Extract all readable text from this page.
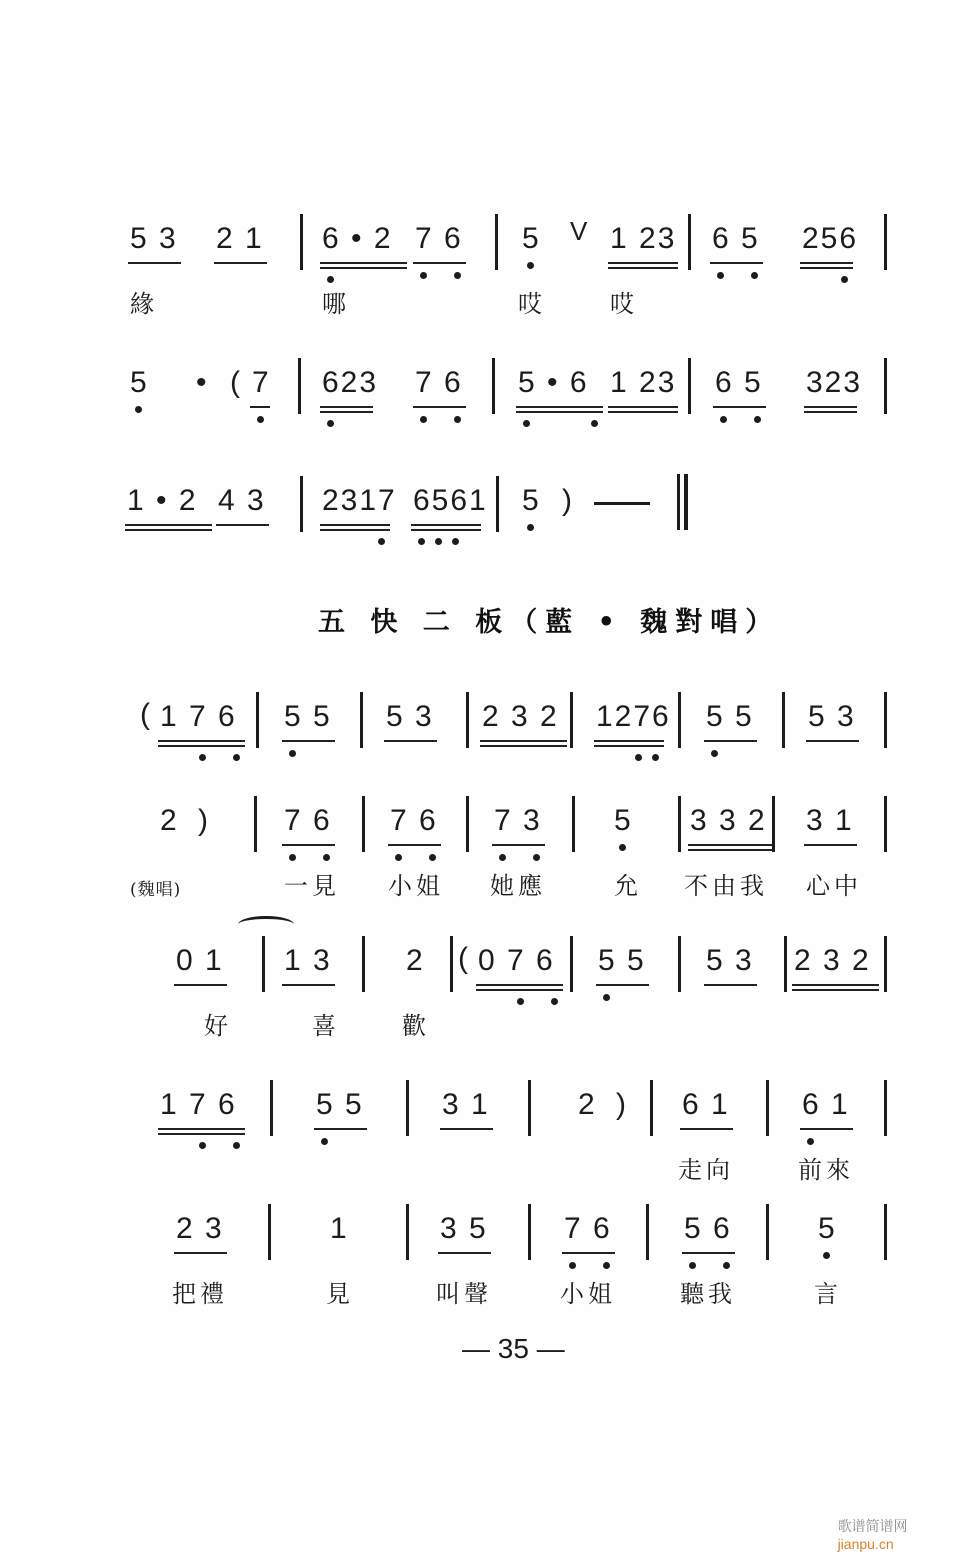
5 3 2 1 6 • 2 7 6 5 V 1 23 6 5 256
緣	哪	哎	哎
5 • ( 7 623 7 6 5 • 6 1 23 6 5 323
1 • 2 4 3 2317 6561 5 )
( 1 7 6 5 5 5 3 2 3 2 1276 5 5 5 3
2 )	7 6 7 6 7 3 5 3 3 2 3 1
(魏唱)	一見 小姐 她應	允 不由我 心中
0 1 1 3 2 ( 0 7 6 5 5 5 3 2 3 2
好	喜	歡
1 7 6	5 5	3 1	2 ) 6 1 6 1
走向	前來
2 3	1	3 5	7 6 5 6	5
把禮	見	叫聲	小姐	聽我	言
五 快 二 板（藍 • 魏對唱）
— 35 —

歌谱简谱网
jianpu.cn
